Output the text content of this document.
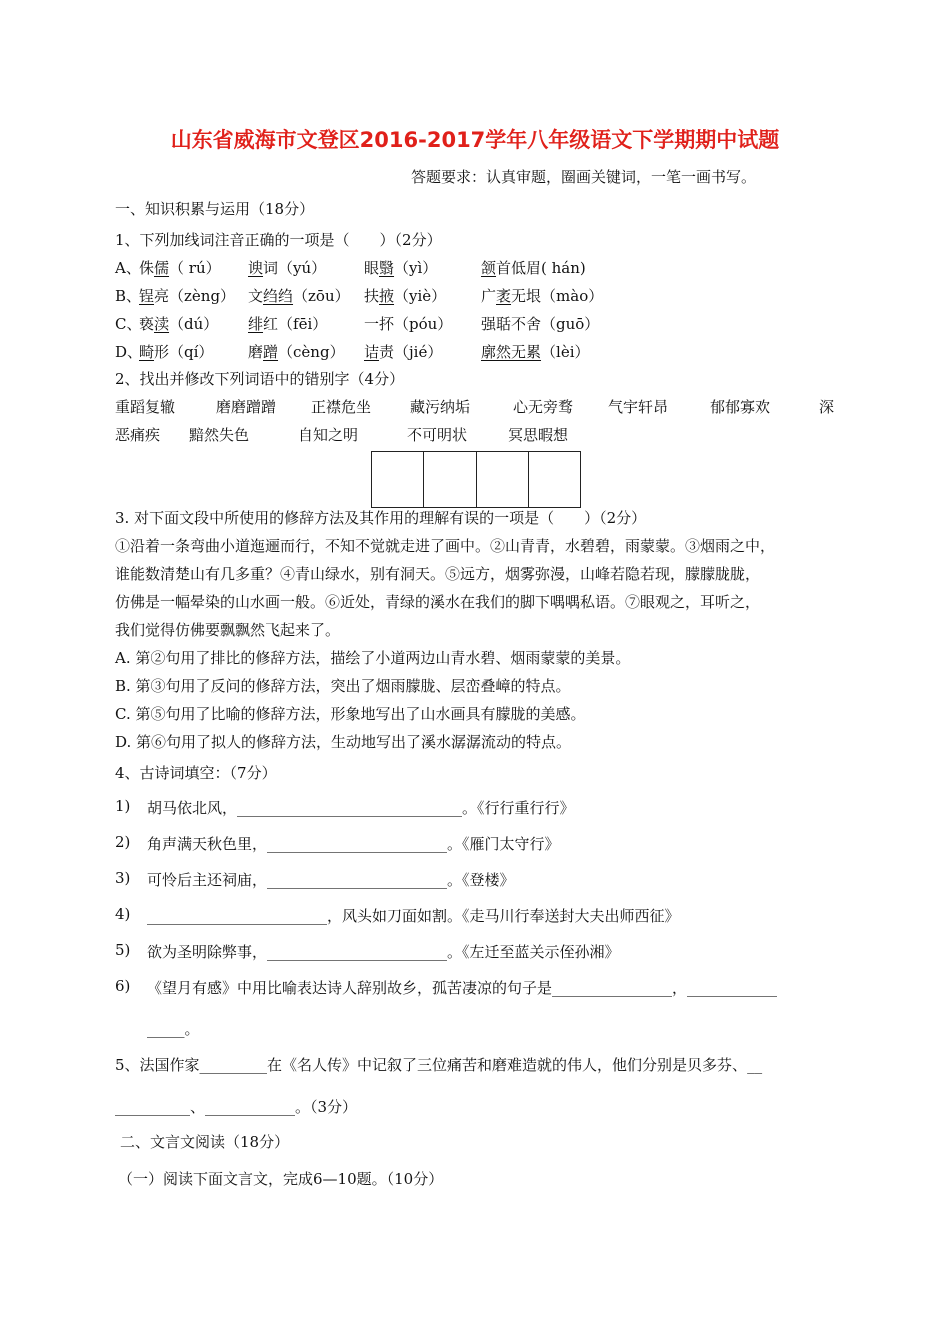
山东省威海市文登区2016-2017学年八年级语文下学期期中试题
答题要求：认真审题，圈画关键词，一笔一画书写。
一、知识积累与运用（18分）
1、下列加线词注音正确的一项是（　　）（2分）
A、
侏儒（ rú） 谀词（yú）	眼翳（yì）	颔首低眉( hán)
B、
锃亮（zèng） 文绉绉（zōu） 扶掖（yiè） 广袤无垠（mào）
C、
亵渎（dú） 绯红（fēi） 一抔（póu） 强聒不舍（guō）
D、
畸形（qí） 磨蹭（cèng） 诘责（jié）	廓然无累（lèi）
2、找出并修改下列词语中的错别字（4分）
重蹈复辙	磨磨蹭蹭 正襟危坐	藏污纳垢	心无旁骛 气宇轩昂	郁郁寡欢	深
恶痛疾 黯然失色	自知之明	不可明状	冥思暇想
3. 对下面文段中所使用的修辞方法及其作用的理解有误的一项是（　　）（2分）
①沿着一条弯曲小道迤逦而行，不知不觉就走进了画中。②山青青，水碧碧，雨蒙蒙。③烟雨之中，
谁能数清楚山有几多重？④青山绿水，别有洞天。⑤远方，烟雾弥漫，山峰若隐若现，朦朦胧胧，
仿佛是一幅晕染的山水画一般。⑥近处，青绿的溪水在我们的脚下喁喁私语。⑦眼观之，耳听之，
我们觉得仿佛要飘飘然飞起来了。
A. 第②句用了排比的修辞方法，描绘了小道两边山青水碧、烟雨蒙蒙的美景。
B. 第③句用了反问的修辞方法，突出了烟雨朦胧、层峦叠嶂的特点。
C. 第⑤句用了比喻的修辞方法，形象地写出了山水画具有朦胧的美感。
D. 第⑥句用了拟人的修辞方法，生动地写出了溪水潺潺流动的特点。
4、古诗词填空：（7分）
1) 胡马依北风，______________________________。《行行重行行》
2) 角声满天秋色里，________________________。《雁门太守行》
3) 可怜后主还祠庙，________________________。《登楼》
4) ________________________，风头如刀面如割。《走马川行奉送封大夫出师西征》
5) 欲为圣明除弊事，________________________。《左迁至蓝关示侄孙湘》
6) 《望月有感》中用比喻表达诗人辞别故乡，孤苦凄凉的句子是________________，____________
_____。
5、法国作家_________在《名人传》中记叙了三位痛苦和磨难造就的伟人，他们分别是贝多芬、__
__________、____________。（3分）
二、文言文阅读（18分）
（一）阅读下面文言文，完成6—10题。（10分）
